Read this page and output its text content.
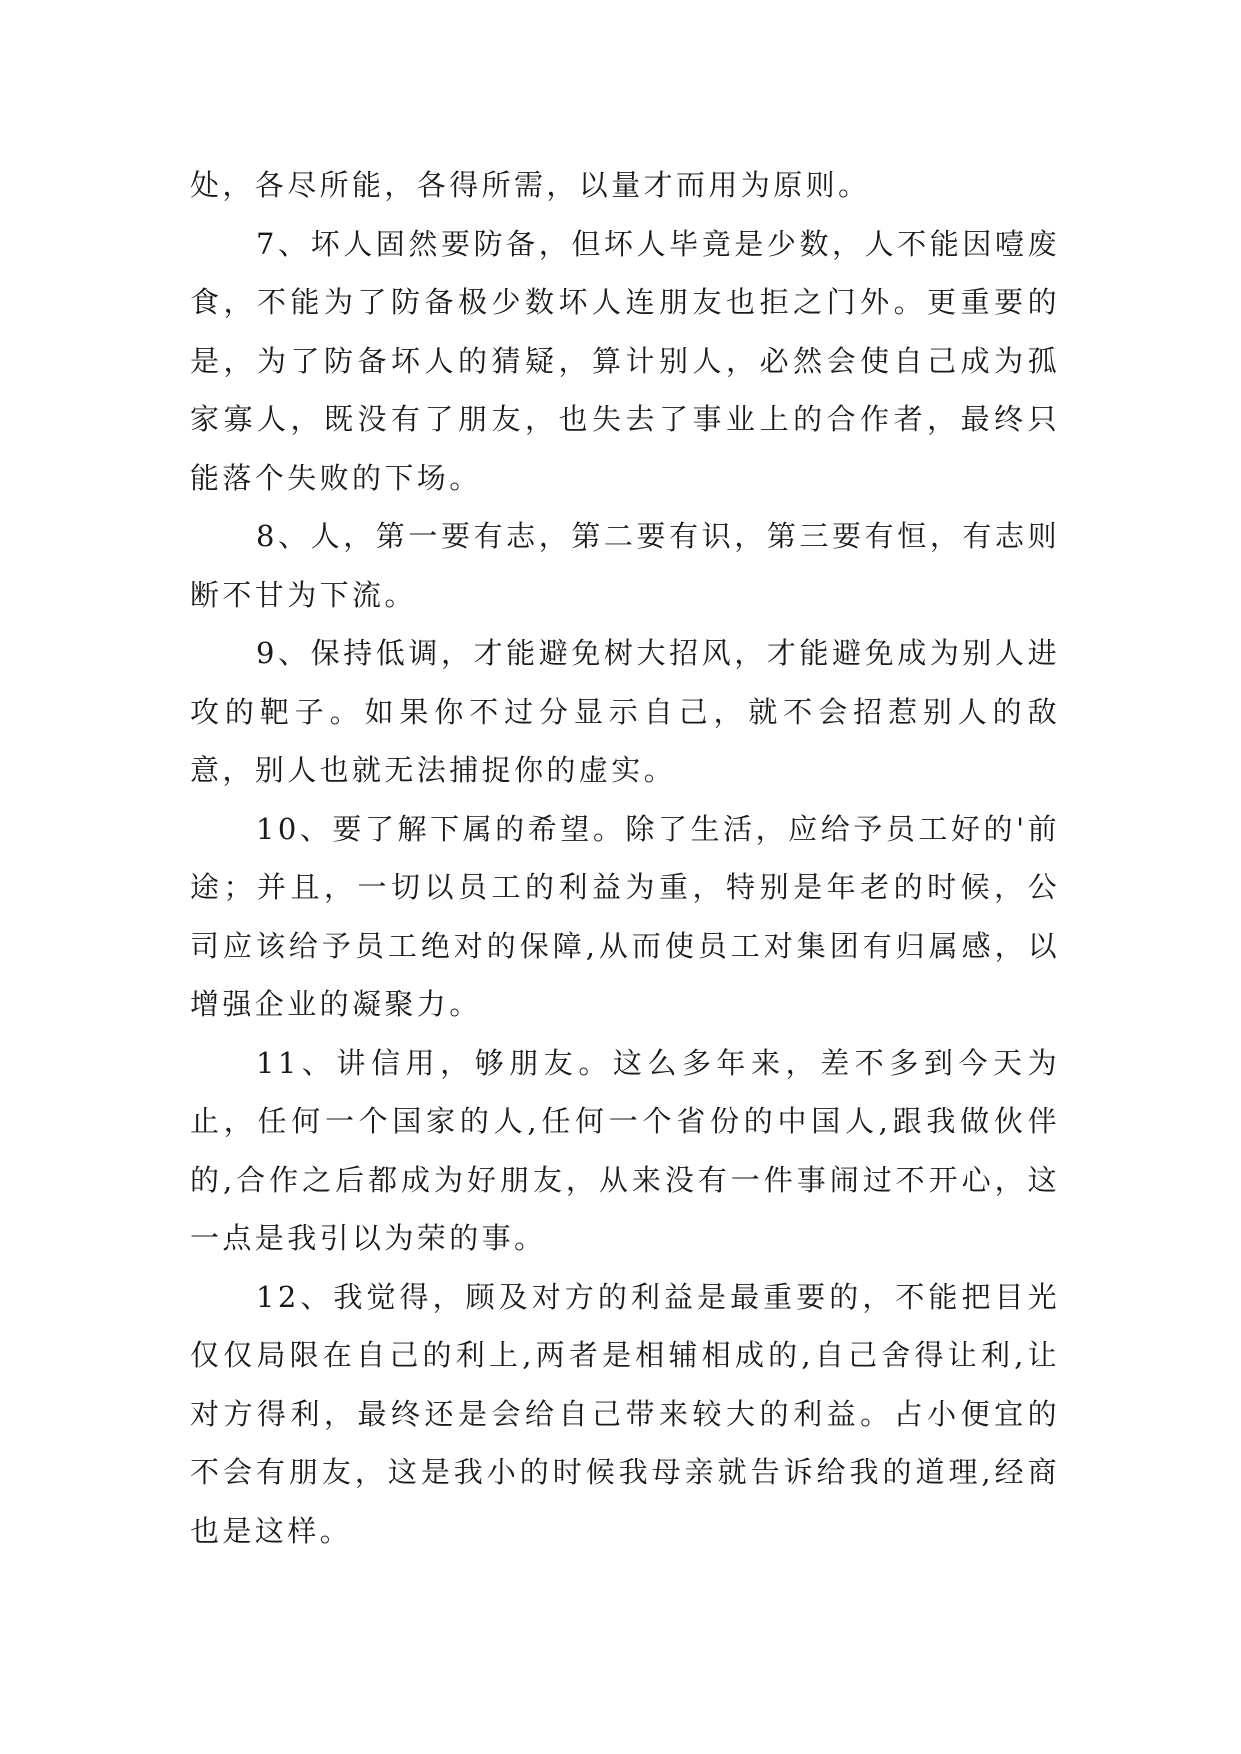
处，各尽所能，各得所需，以量才而用为原则。

7、坏人固然要防备，但坏人毕竟是少数，人不能因噎废食，不能为了防备极少数坏人连朋友也拒之门外。更重要的是，为了防备坏人的猜疑，算计别人，必然会使自己成为孤家寡人，既没有了朋友，也失去了事业上的合作者，最终只能落个失败的下场。

8、人，第一要有志，第二要有识，第三要有恒，有志则断不甘为下流。

9、保持低调，才能避免树大招风，才能避免成为别人进攻的靶子。如果你不过分显示自己，就不会招惹别人的敌意，别人也就无法捕捉你的虚实。

10、要了解下属的希望。除了生活，应给予员工好的'前途；并且，一切以员工的利益为重，特别是年老的时候，公司应该给予员工绝对的保障,从而使员工对集团有归属感，以增强企业的凝聚力。

11、讲信用，够朋友。这么多年来，差不多到今天为止，任何一个国家的人,任何一个省份的中国人,跟我做伙伴的,合作之后都成为好朋友，从来没有一件事闹过不开心，这一点是我引以为荣的事。

12、我觉得，顾及对方的利益是最重要的，不能把目光仅仅局限在自己的利上,两者是相辅相成的,自己舍得让利,让对方得利，最终还是会给自己带来较大的利益。占小便宜的不会有朋友，这是我小的时候我母亲就告诉给我的道理,经商也是这样。
